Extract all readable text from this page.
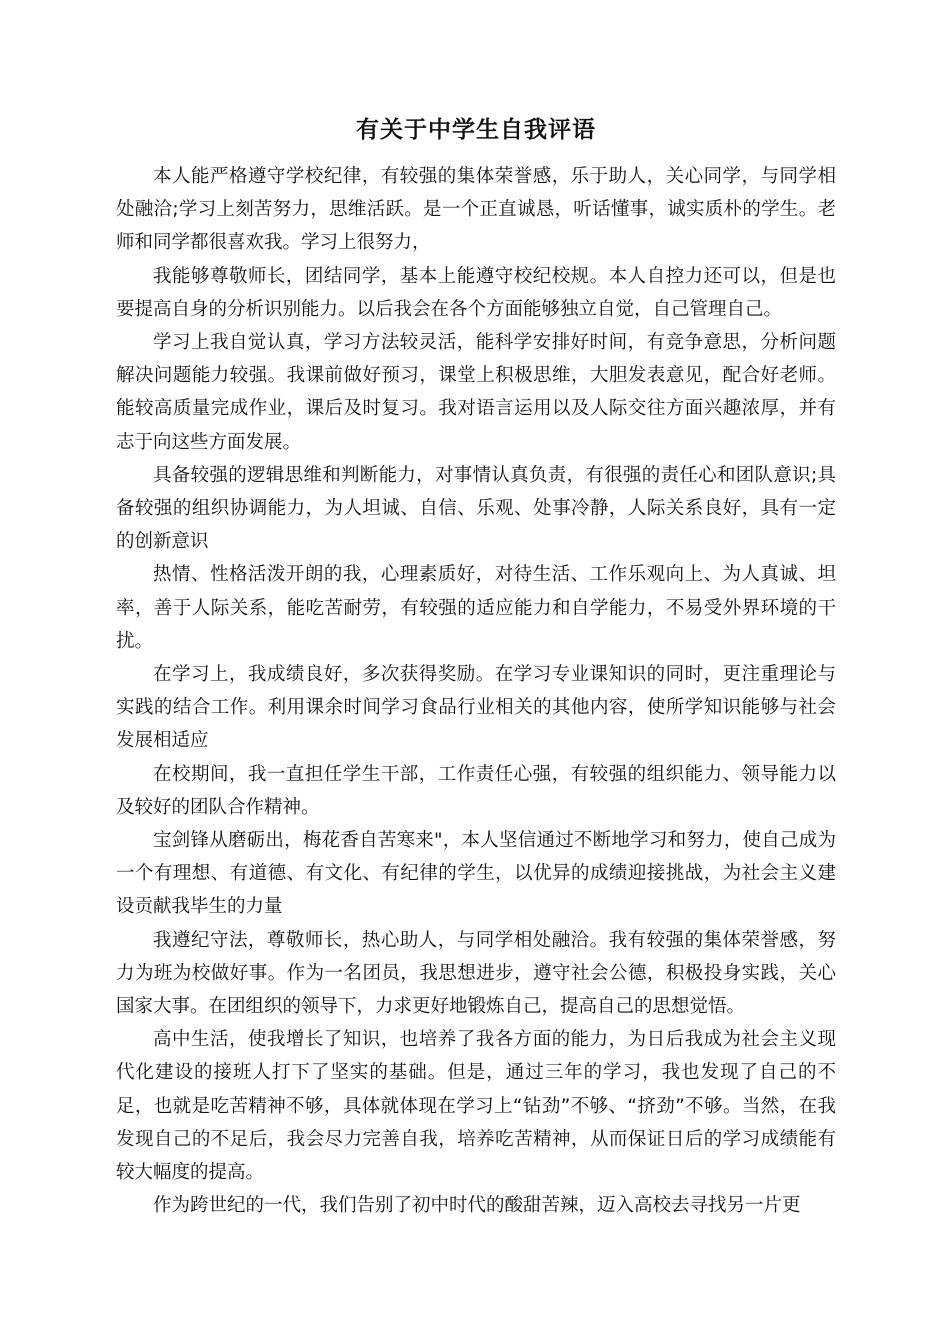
有关于中学生自我评语

本人能严格遵守学校纪律，有较强的集体荣誉感，乐于助人，关心同学，与同学相处融洽;学习上刻苦努力，思维活跃。是一个正直诚恳，听话懂事，诚实质朴的学生。老师和同学都很喜欢我。学习上很努力，

我能够尊敬师长，团结同学，基本上能遵守校纪校规。本人自控力还可以，但是也要提高自身的分析识别能力。以后我会在各个方面能够独立自觉，自己管理自己。

学习上我自觉认真，学习方法较灵活，能科学安排好时间，有竞争意思，分析问题解决问题能力较强。我课前做好预习，课堂上积极思维，大胆发表意见，配合好老师。能较高质量完成作业，课后及时复习。我对语言运用以及人际交往方面兴趣浓厚，并有志于向这些方面发展。

具备较强的逻辑思维和判断能力，对事情认真负责，有很强的责任心和团队意识;具备较强的组织协调能力，为人坦诚、自信、乐观、处事冷静，人际关系良好，具有一定的创新意识

热情、性格活泼开朗的我，心理素质好，对待生活、工作乐观向上、为人真诚、坦率，善于人际关系，能吃苦耐劳，有较强的适应能力和自学能力，不易受外界环境的干扰。

在学习上，我成绩良好，多次获得奖励。在学习专业课知识的同时，更注重理论与实践的结合工作。利用课余时间学习食品行业相关的其他内容，使所学知识能够与社会发展相适应

在校期间，我一直担任学生干部，工作责任心强，有较强的组织能力、领导能力以及较好的团队合作精神。

宝剑锋从磨砺出，梅花香自苦寒来"，本人坚信通过不断地学习和努力，使自己成为一个有理想、有道德、有文化、有纪律的学生，以优异的成绩迎接挑战，为社会主义建设贡献我毕生的力量

我遵纪守法，尊敬师长，热心助人，与同学相处融洽。我有较强的集体荣誉感，努力为班为校做好事。作为一名团员，我思想进步，遵守社会公德，积极投身实践，关心国家大事。在团组织的领导下，力求更好地锻炼自己，提高自己的思想觉悟。

高中生活，使我增长了知识，也培养了我各方面的能力，为日后我成为社会主义现代化建设的接班人打下了坚实的基础。但是，通过三年的学习，我也发现了自己的不足，也就是吃苦精神不够，具体就体现在学习上“钻劲”不够、“挤劲”不够。当然，在我发现自己的不足后，我会尽力完善自我，培养吃苦精神，从而保证日后的学习成绩能有较大幅度的提高。

作为跨世纪的一代，我们告别了初中时代的酸甜苦辣，迈入高校去寻找另一片更
